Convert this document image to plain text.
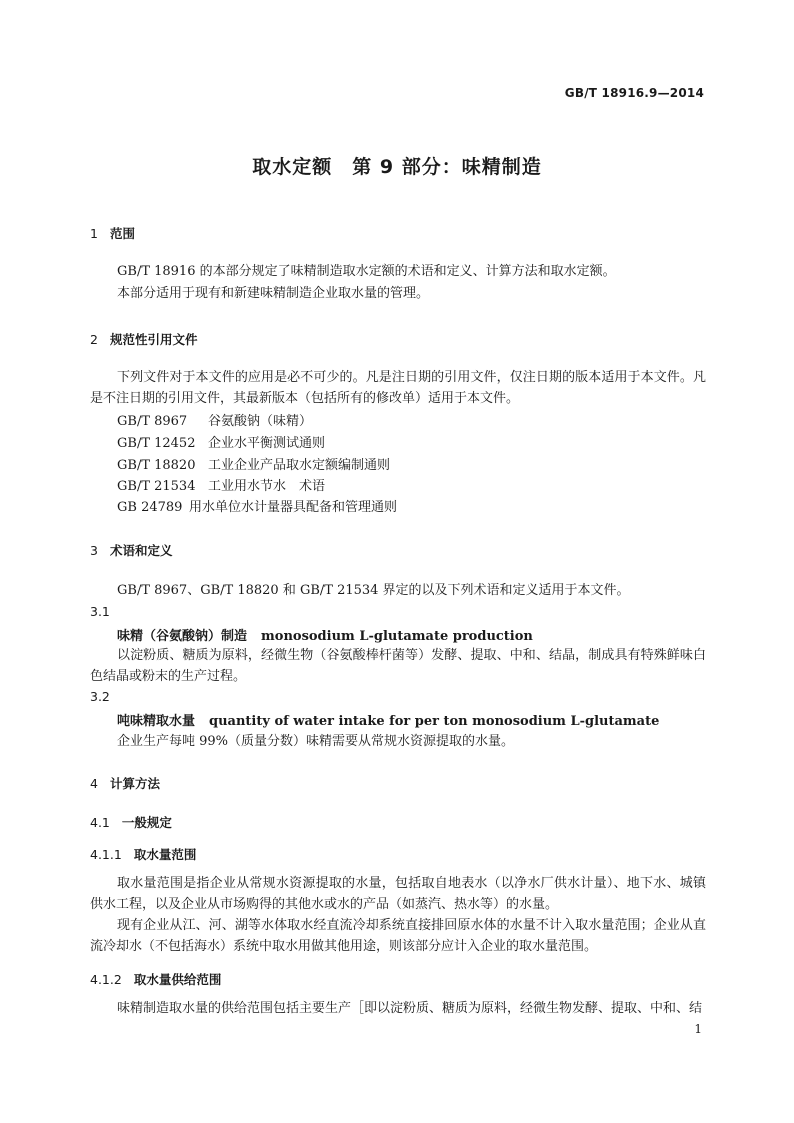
GB/T 18916.9—2014
取水定额　第 9 部分：味精制造
1 范围
GB/T 18916 的本部分规定了味精制造取水定额的术语和定义、计算方法和取水定额。
本部分适用于现有和新建味精制造企业取水量的管理。
2 规范性引用文件
下列文件对于本文件的应用是必不可少的。凡是注日期的引用文件，仅注日期的版本适用于本文件。凡是不注日期的引用文件，其最新版本（包括所有的修改单）适用于本文件。
GB/T 8967 谷氨酸钠（味精）
GB/T 12452 企业水平衡测试通则
GB/T 18820 工业企业产品取水定额编制通则
GB/T 21534 工业用水节水　术语
GB 24789 用水单位水计量器具配备和管理通则
3 术语和定义
GB/T 8967、GB/T 18820 和 GB/T 21534 界定的以及下列术语和定义适用于本文件。
3.1
味精（谷氨酸钠）制造 monosodium L-glutamate production
以淀粉质、糖质为原料，经微生物（谷氨酸棒杆菌等）发酵、提取、中和、结晶，制成具有特殊鲜味白色结晶或粉末的生产过程。
3.2
吨味精取水量 quantity of water intake for per ton monosodium L-glutamate
企业生产每吨 99%（质量分数）味精需要从常规水资源提取的水量。
4 计算方法
4.1 一般规定
4.1.1 取水量范围
取水量范围是指企业从常规水资源提取的水量，包括取自地表水（以净水厂供水计量）、地下水、城镇供水工程，以及企业从市场购得的其他水或水的产品（如蒸汽、热水等）的水量。
现有企业从江、河、湖等水体取水经直流冷却系统直接排回原水体的水量不计入取水量范围；企业从直流冷却水（不包括海水）系统中取水用做其他用途，则该部分应计入企业的取水量范围。
4.1.2 取水量供给范围
味精制造取水量的供给范围包括主要生产［即以淀粉质、糖质为原料，经微生物发酵、提取、中和、结
1
